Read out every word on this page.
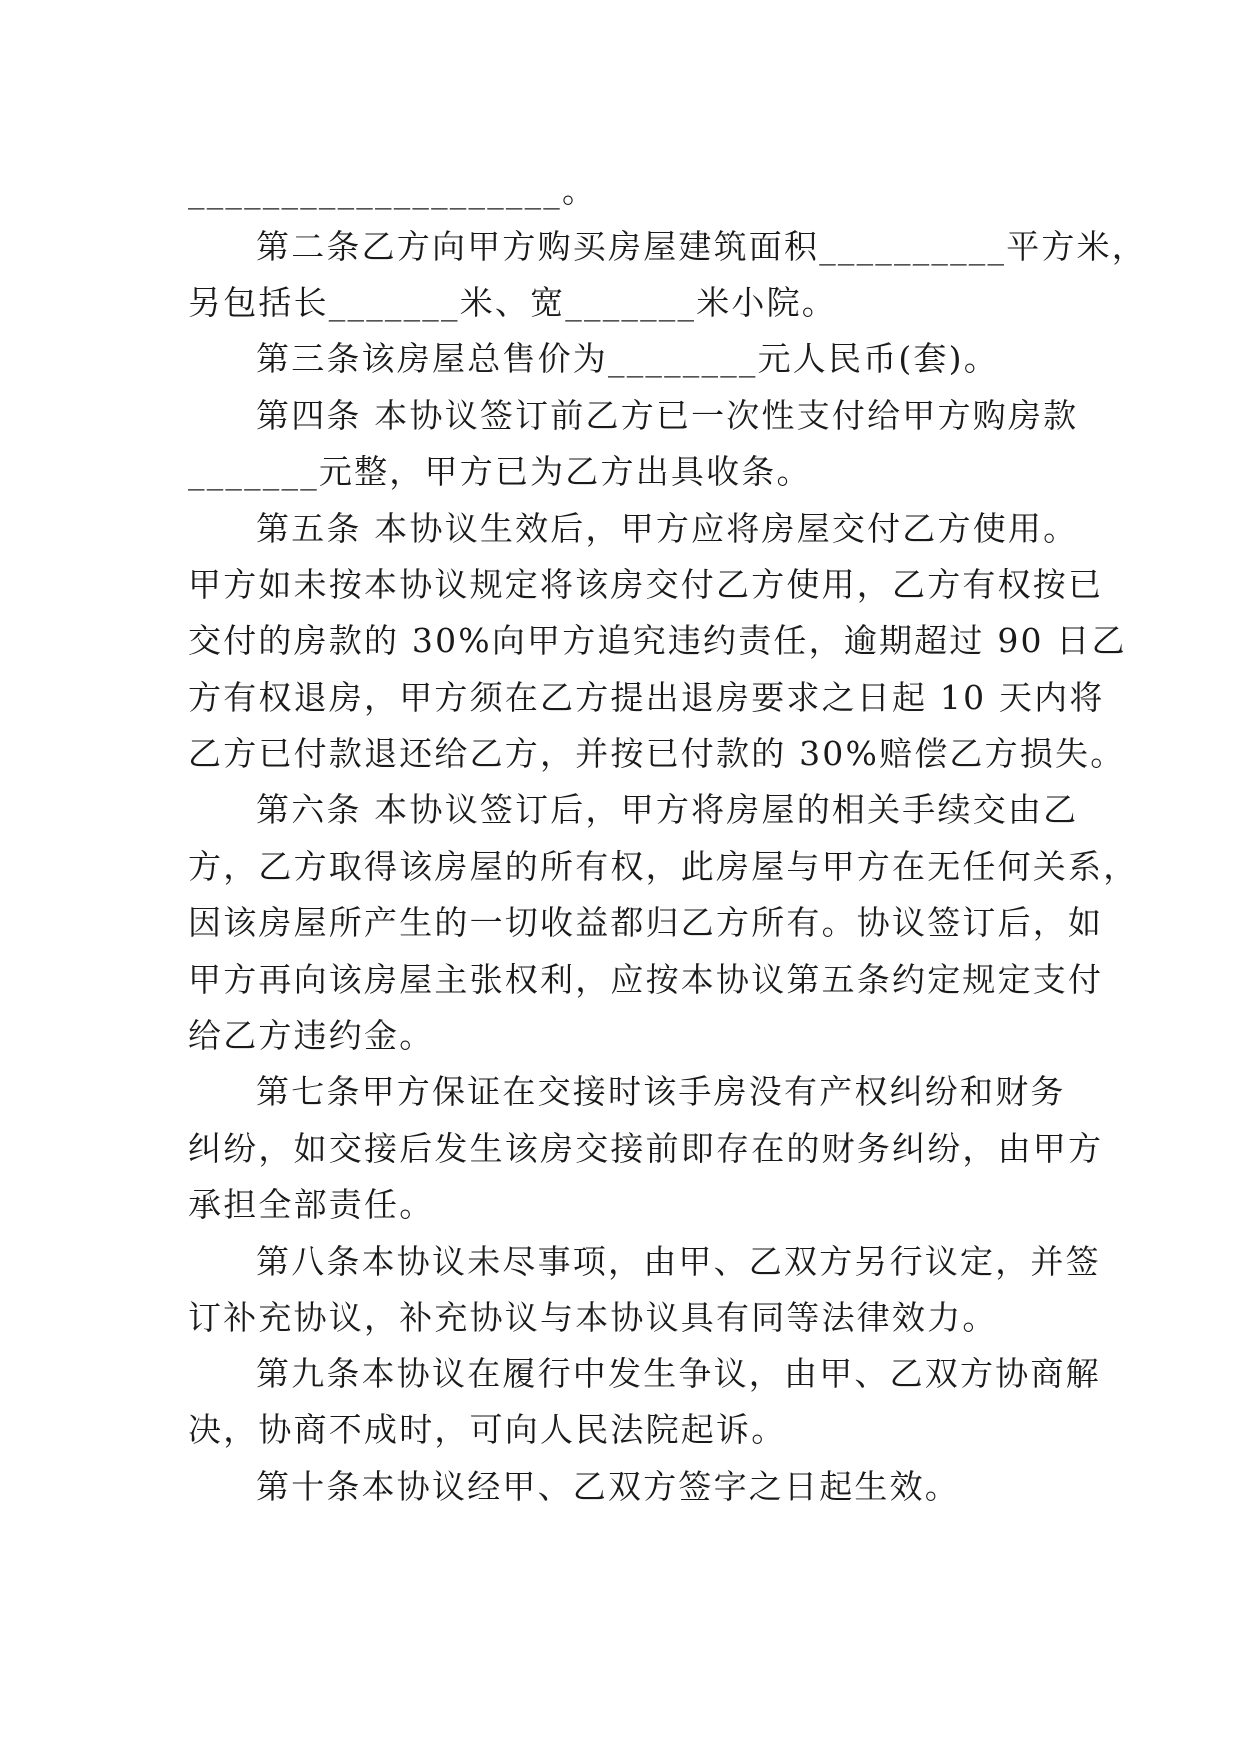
____________________。
第二条乙方向甲方购买房屋建筑面积__________平方米，
另包括长_______米、宽_______米小院。
第三条该房屋总售价为________元人民币(套)。
第四条 本协议签订前乙方已一次性支付给甲方购房款
_______元整，甲方已为乙方出具收条。
第五条 本协议生效后，甲方应将房屋交付乙方使用。
甲方如未按本协议规定将该房交付乙方使用，乙方有权按已
交付的房款的 30%向甲方追究违约责任，逾期超过 90 日乙
方有权退房，甲方须在乙方提出退房要求之日起 10 天内将
乙方已付款退还给乙方，并按已付款的 30%赔偿乙方损失。
第六条 本协议签订后，甲方将房屋的相关手续交由乙
方，乙方取得该房屋的所有权，此房屋与甲方在无任何关系，
因该房屋所产生的一切收益都归乙方所有。协议签订后，如
甲方再向该房屋主张权利，应按本协议第五条约定规定支付
给乙方违约金。
第七条甲方保证在交接时该手房没有产权纠纷和财务
纠纷，如交接后发生该房交接前即存在的财务纠纷，由甲方
承担全部责任。
第八条本协议未尽事项，由甲、乙双方另行议定，并签
订补充协议，补充协议与本协议具有同等法律效力。
第九条本协议在履行中发生争议，由甲、乙双方协商解
决，协商不成时，可向人民法院起诉。
第十条本协议经甲、乙双方签字之日起生效。
